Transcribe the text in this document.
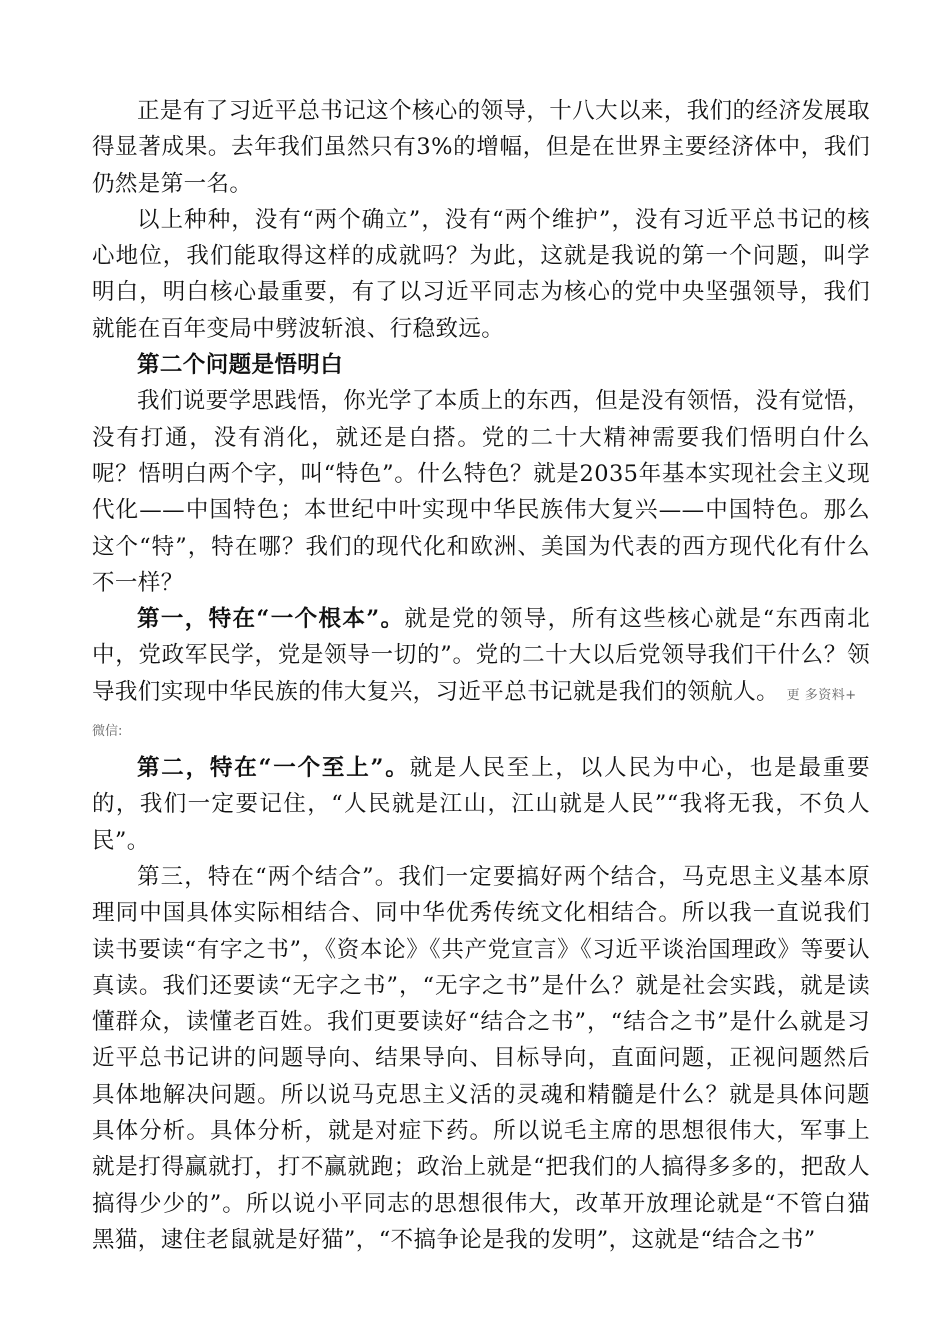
正是有了习近平总书记这个核心的领导，十八大以来，我们的经济发展取得显著成果。去年我们虽然只有3%的增幅，但是在世界主要经济体中，我们仍然是第一名。

以上种种，没有“两个确立”，没有“两个维护”，没有习近平总书记的核心地位，我们能取得这样的成就吗？为此，这就是我说的第一个问题，叫学明白，明白核心最重要，有了以习近平同志为核心的党中央坚强领导，我们就能在百年变局中劈波斩浪、行稳致远。

第二个问题是悟明白

我们说要学思践悟，你光学了本质上的东西，但是没有领悟，没有觉悟，没有打通，没有消化，就还是白搭。党的二十大精神需要我们悟明白什么呢？悟明白两个字，叫“特色”。什么特色？就是2035年基本实现社会主义现代化——中国特色；本世纪中叶实现中华民族伟大复兴——中国特色。那么这个“特”，特在哪？我们的现代化和欧洲、美国为代表的西方现代化有什么不一样？

第一，特在“一个根本”。就是党的领导，所有这些核心就是“东西南北中，党政军民学，党是领导一切的”。党的二十大以后党领导我们干什么？领导我们实现中华民族的伟大复兴，习近平总书记就是我们的领航人。 更 多资料+

微信:

第二，特在“一个至上”。就是人民至上，以人民为中心，也是最重要的，我们一定要记住，“人民就是江山，江山就是人民”“我将无我，不负人民”。

第三，特在“两个结合”。我们一定要搞好两个结合，马克思主义基本原理同中国具体实际相结合、同中华优秀传统文化相结合。所以我一直说我们读书要读“有字之书”，《资本论》《共产党宣言》《习近平谈治国理政》等要认真读。我们还要读“无字之书”，“无字之书”是什么？就是社会实践，就是读懂群众，读懂老百姓。我们更要读好“结合之书”，“结合之书”是什么就是习近平总书记讲的问题导向、结果导向、目标导向，直面问题，正视问题然后具体地解决问题。所以说马克思主义活的灵魂和精髓是什么？就是具体问题具体分析。具体分析，就是对症下药。所以说毛主席的思想很伟大，军事上就是打得赢就打，打不赢就跑；政治上就是“把我们的人搞得多多的，把敌人搞得少少的”。所以说小平同志的思想很伟大，改革开放理论就是“不管白猫黑猫，逮住老鼠就是好猫”，“不搞争论是我的发明”，这就是“结合之书”
